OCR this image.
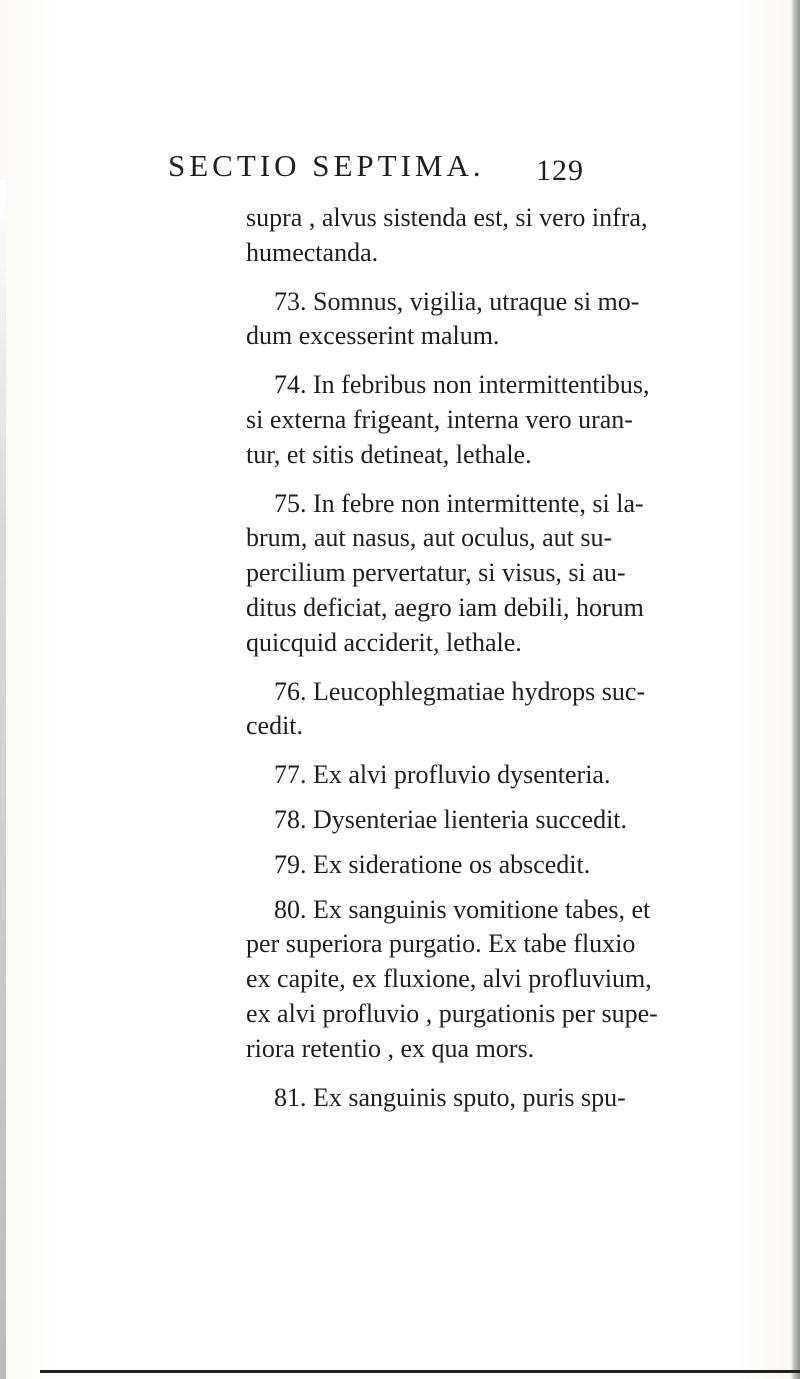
SECTIO SEPTIMA. 129

supra , alvus sistenda est, si vero infra,
humectanda.

73. Somnus, vigilia, utraque si mo-
dum excesserint malum.

74. In febribus non intermittentibus,
si externa frigeant, interna vero uran-
tur, et sitis detineat, lethale.

75. In febre non intermittente, si la-
brum, aut nasus, aut oculus, aut su-
percilium pervertatur, si visus, si au-
ditus deficiat, aegro iam debili, horum
quicquid acciderit, lethale.

76. Leucophlegmatiae hydrops suc-
cedit.

77. Ex alvi profluvio dysenteria.

78. Dysenteriae lienteria succedit.

79. Ex sideratione os abscedit.

80. Ex sanguinis vomitione tabes, et
per superiora purgatio. Ex tabe fluxio
ex capite, ex fluxione, alvi profluvium,
ex alvi profluvio , purgationis per supe-
riora retentio , ex qua mors.

81. Ex sanguinis sputo, puris spu-
